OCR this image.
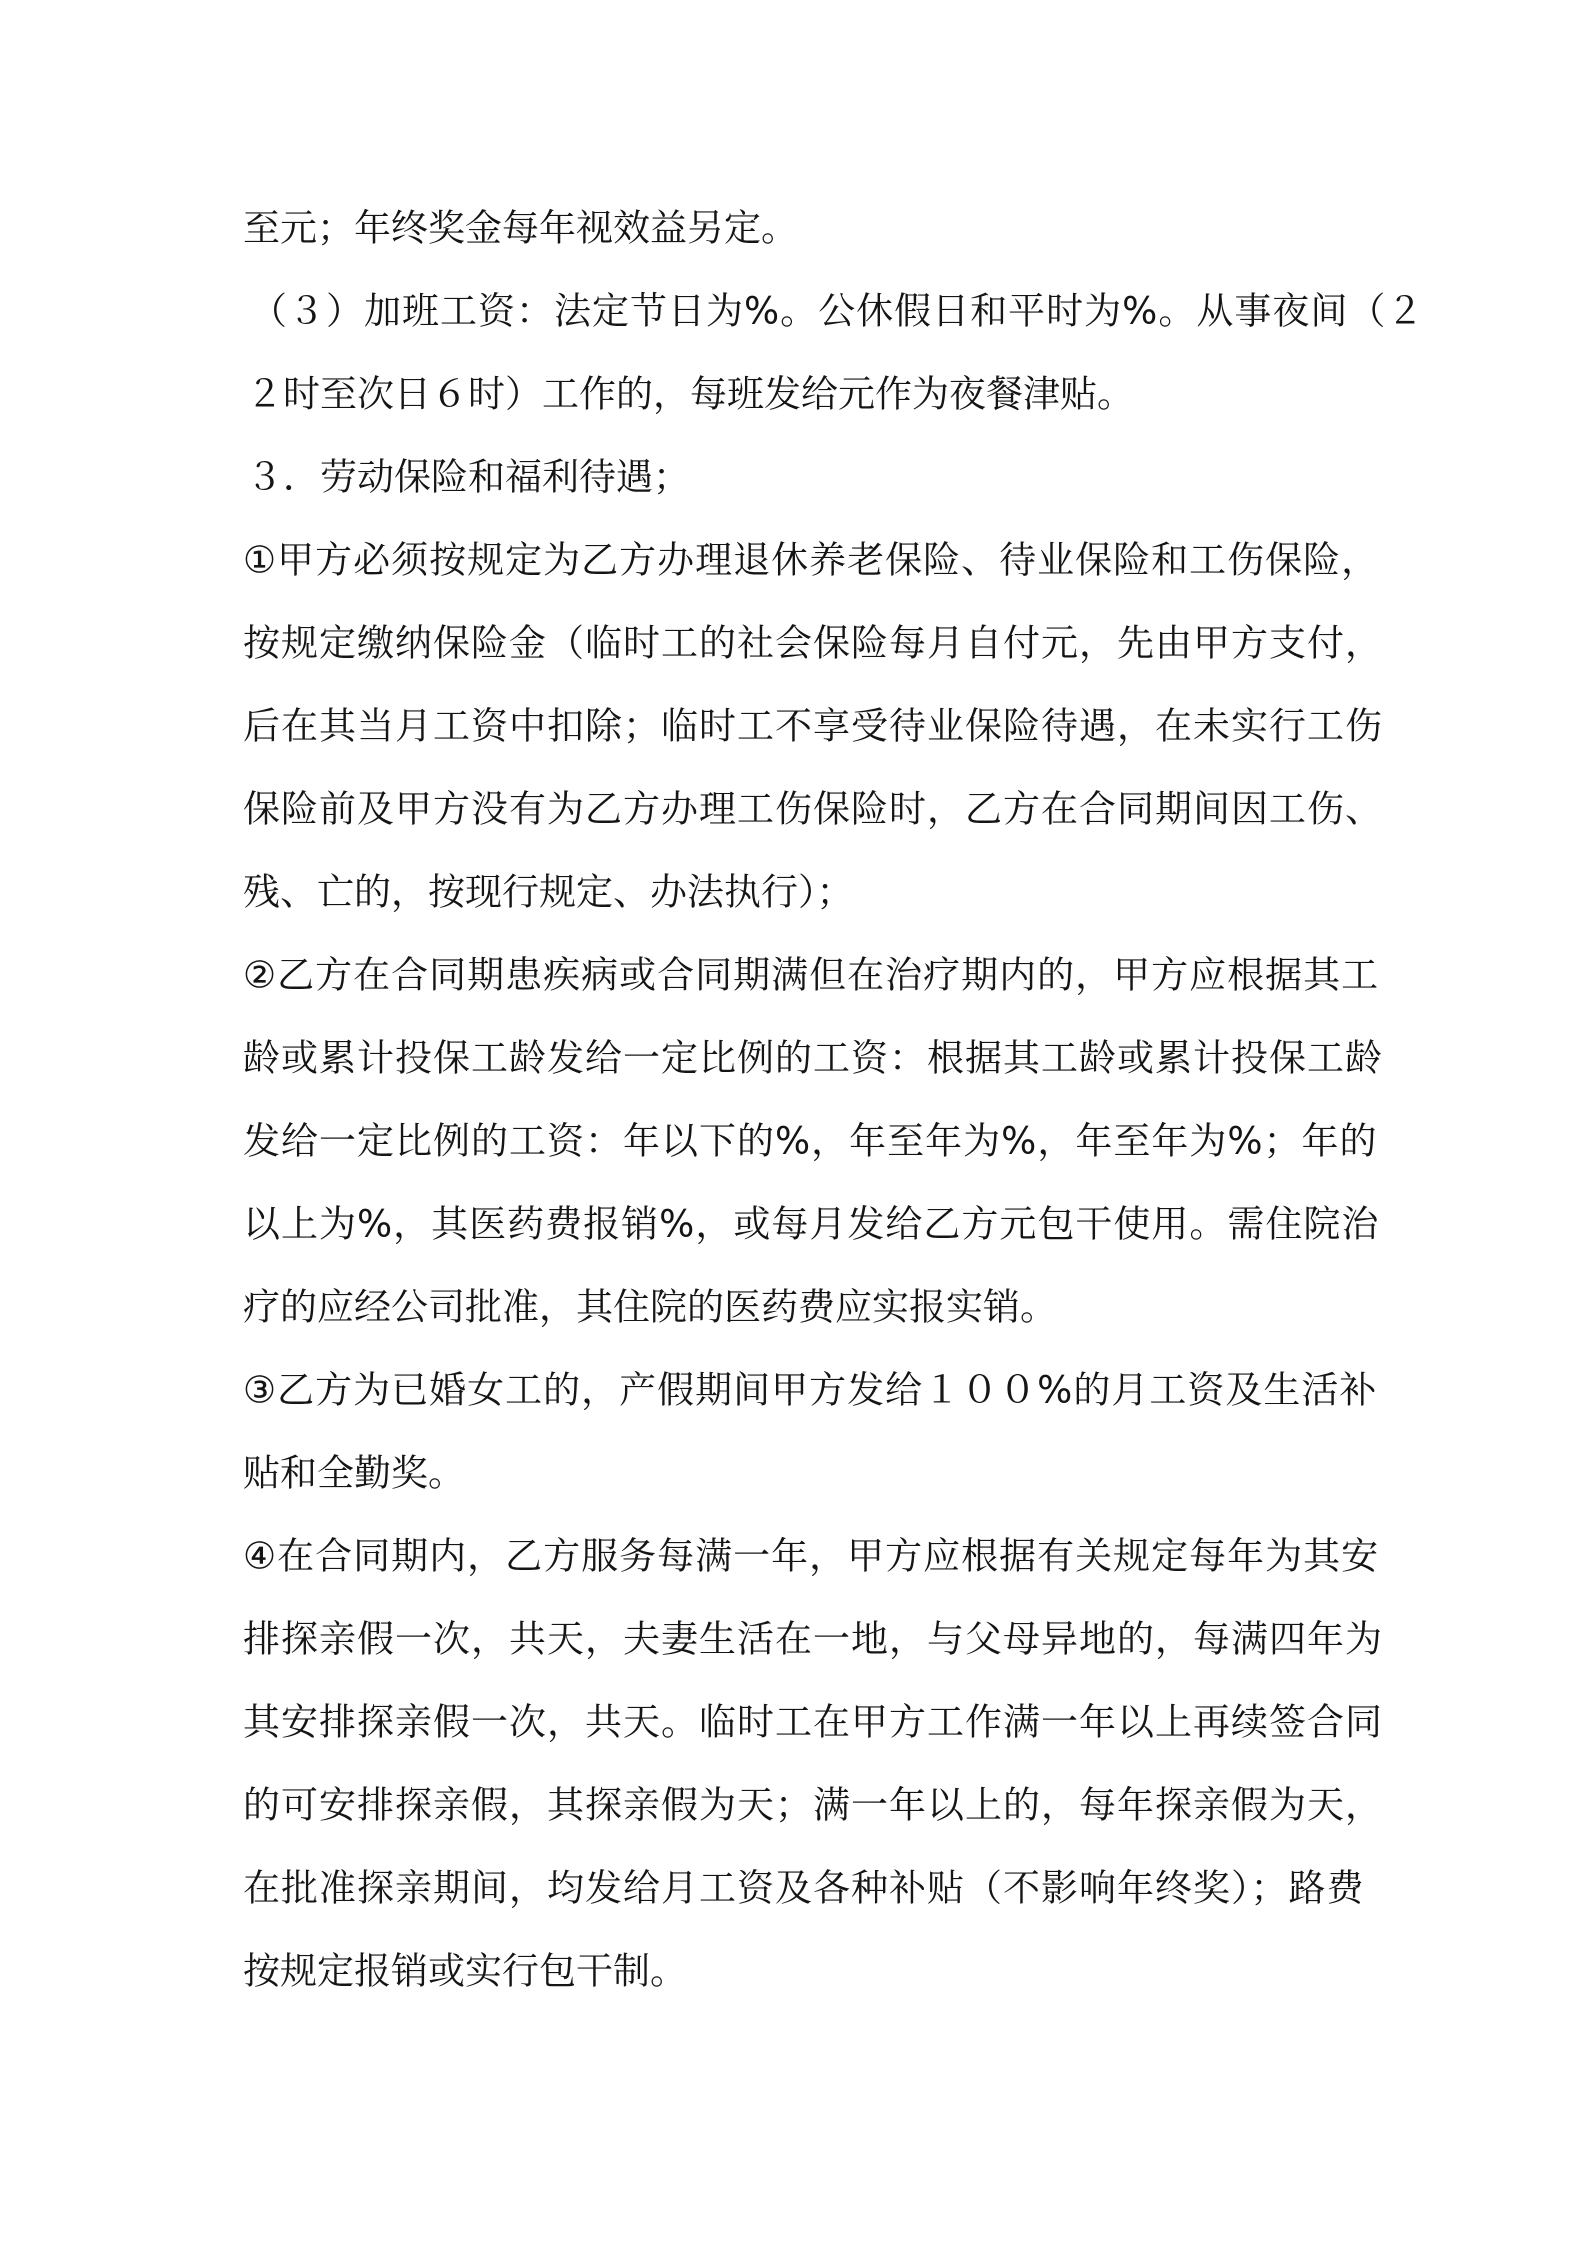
至元；年终奖金每年视效益另定。
（３）加班工资：法定节日为%。公休假日和平时为%。从事夜间（２
２时至次日６时）工作的，每班发给元作为夜餐津贴。
３．劳动保险和福利待遇；
①甲方必须按规定为乙方办理退休养老保险、待业保险和工伤保险，
按规定缴纳保险金（临时工的社会保险每月自付元，先由甲方支付，
后在其当月工资中扣除；临时工不享受待业保险待遇，在未实行工伤
保险前及甲方没有为乙方办理工伤保险时，乙方在合同期间因工伤、
残、亡的，按现行规定、办法执行）；
②乙方在合同期患疾病或合同期满但在治疗期内的，甲方应根据其工
龄或累计投保工龄发给一定比例的工资：根据其工龄或累计投保工龄
发给一定比例的工资：年以下的%，年至年为%，年至年为%；年的
以上为%，其医药费报销%，或每月发给乙方元包干使用。需住院治
疗的应经公司批准，其住院的医药费应实报实销。
③乙方为已婚女工的，产假期间甲方发给１００%的月工资及生活补
贴和全勤奖。
④在合同期内，乙方服务每满一年，甲方应根据有关规定每年为其安
排探亲假一次，共天，夫妻生活在一地，与父母异地的，每满四年为
其安排探亲假一次，共天。临时工在甲方工作满一年以上再续签合同
的可安排探亲假，其探亲假为天；满一年以上的，每年探亲假为天，
在批准探亲期间，均发给月工资及各种补贴（不影响年终奖）；路费
按规定报销或实行包干制。
